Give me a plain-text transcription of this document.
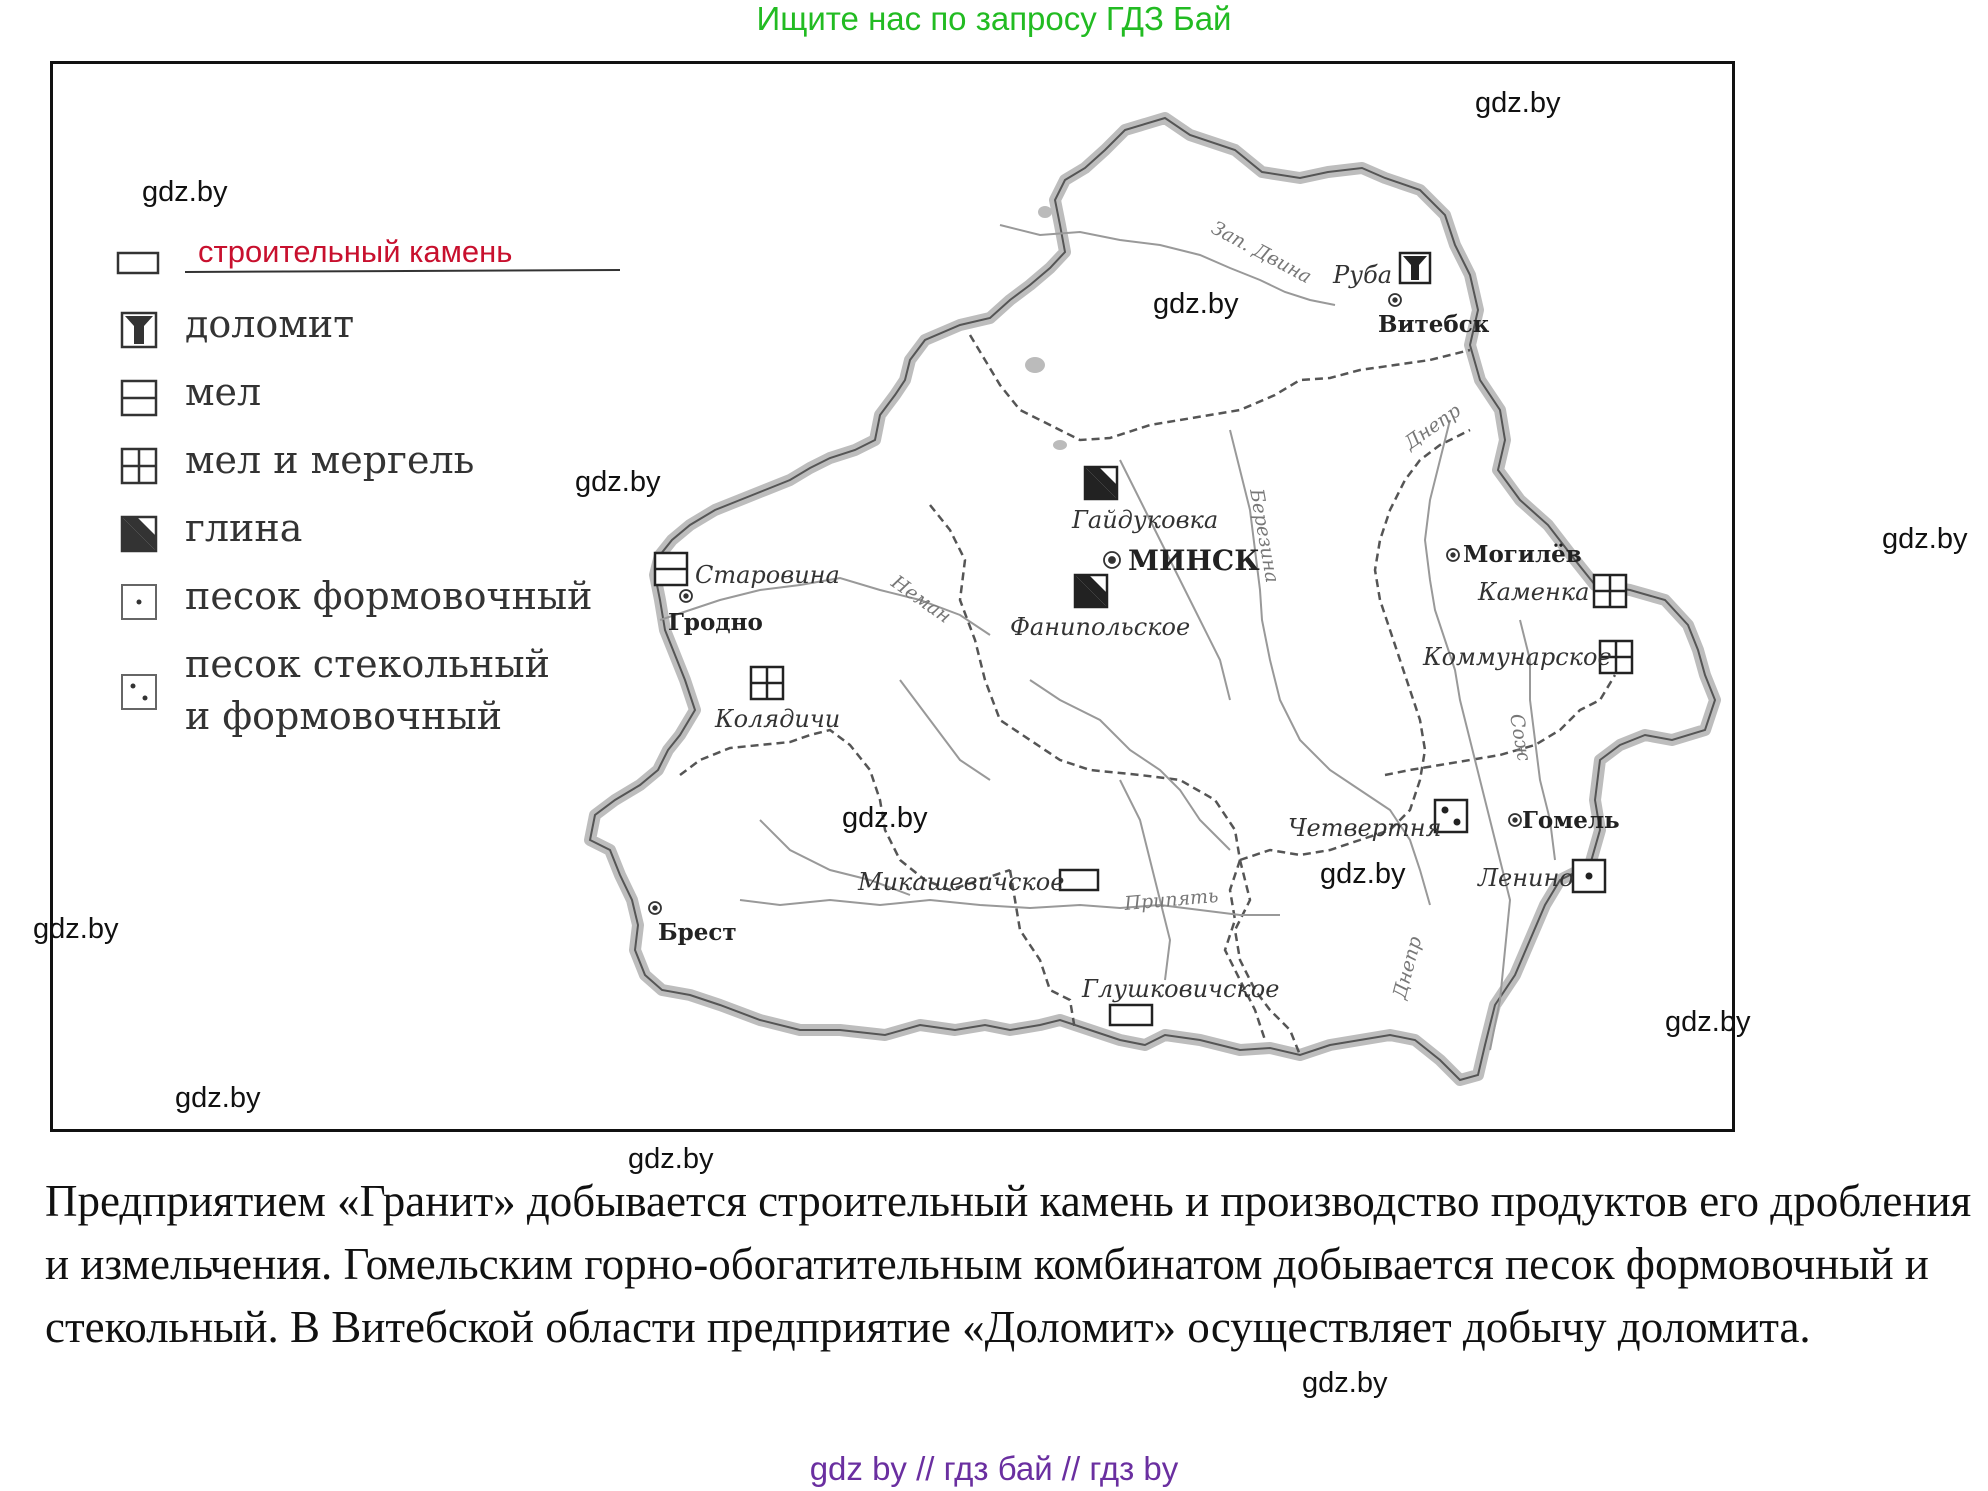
Ищите нас по запросу ГДЗ Бай
Зап. Двина
Днепр
Березина
Неман
Сож
Припять
Днепр
Руба
Витебск
Гайдуковка
МИНСК
Фанипольское
Старовина
Гродно
Колядичи
Могилёв
Каменка
Коммунарское
Четвертня	Гомель
Ленино
Микашевичское
Брест
Глушковичское
строительный камень
доломит
мел
мел и мергель
глина
песок формовочный
песок стекольный
и формовочный
gdz.by
gdz.by
gdz.by
gdz.by
gdz.by
gdz.by
gdz.by
gdz.by
gdz.by
gdz.by
gdz.by
gdz.by
Предприятием «Гранит» добывается строительный камень и производство продуктов его дробления и измельчения. Гомельским горно-обогатительным комбинатом добывается песок формовочный и стекольный. В Витебской области предприятие «Доломит» осуществляет добычу доломита.
gdz by // гдз бай // гдз by
